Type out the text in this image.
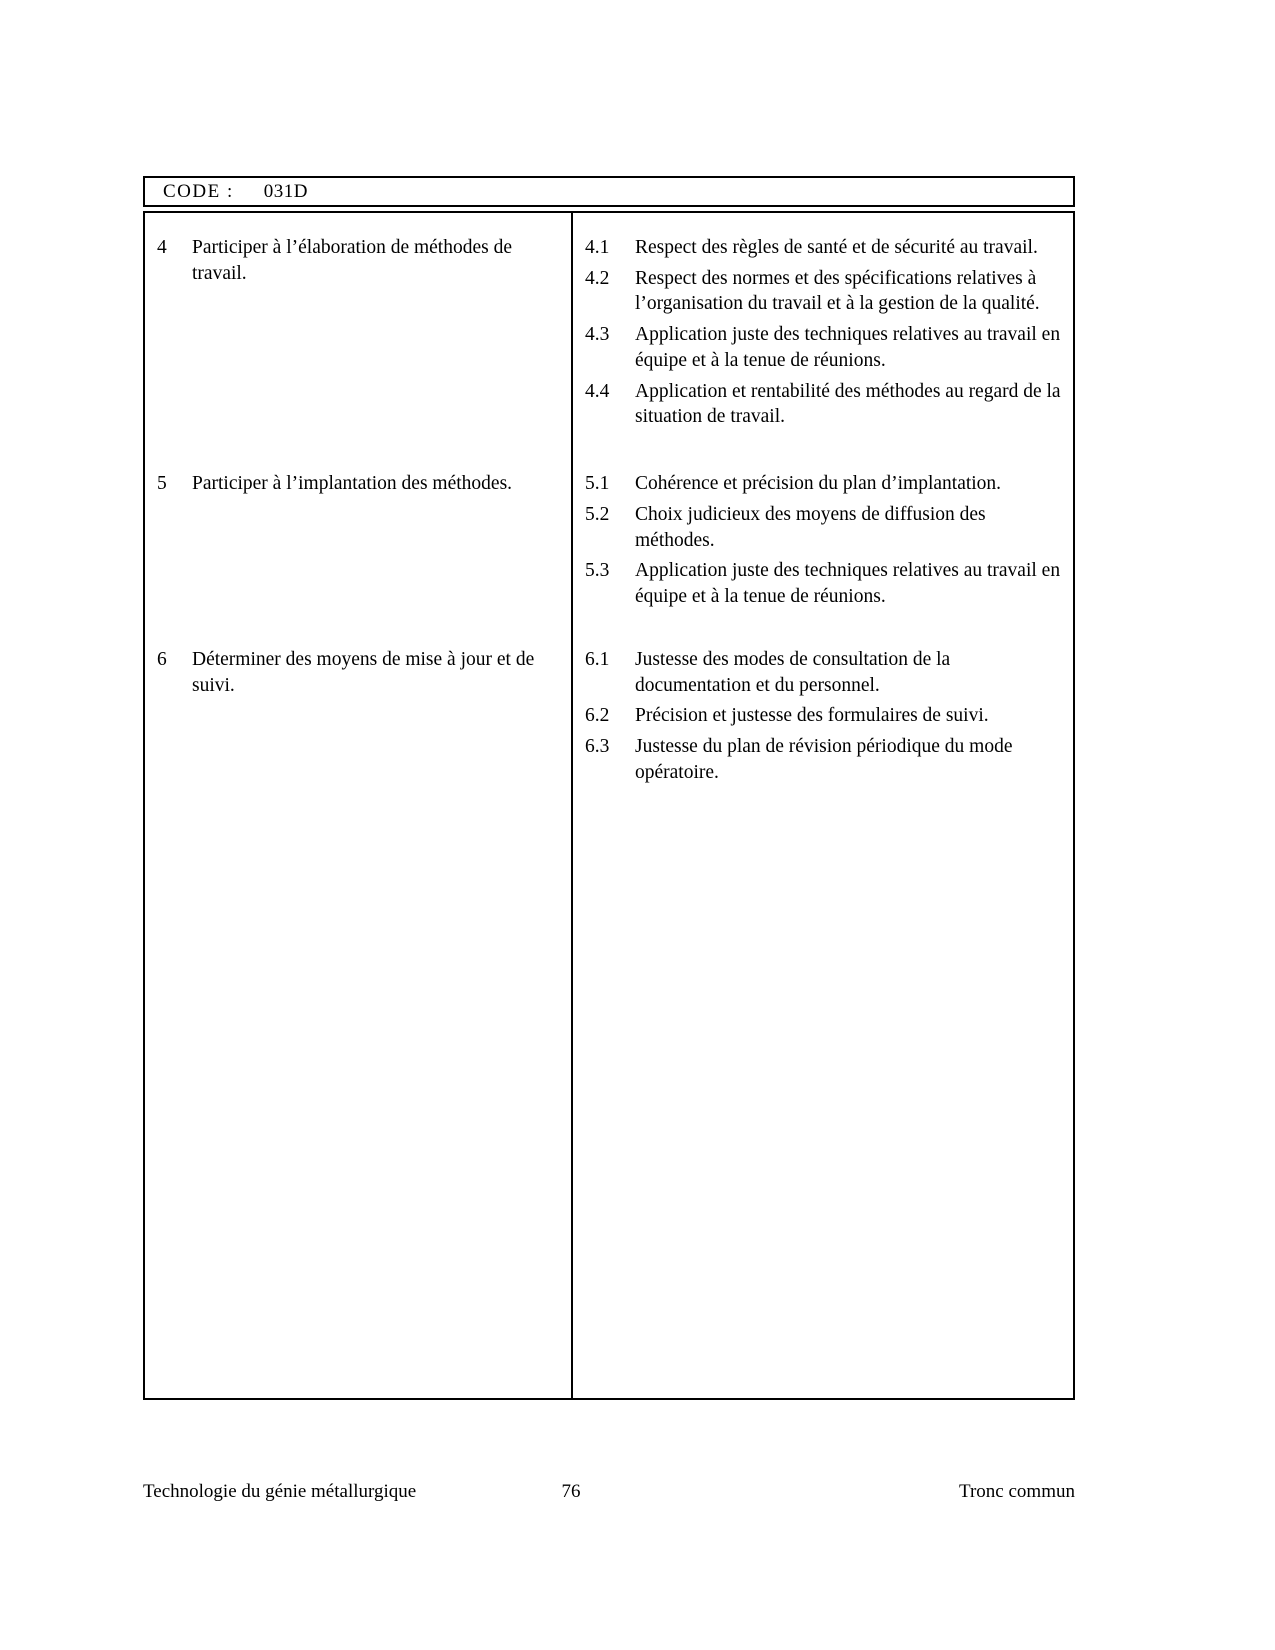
CODE : 031D
4	Participer à l’élaboration de méthodes de travail.
4.1	Respect des règles de santé et de sécurité au travail.
4.2	Respect des normes et des spécifications relatives à l’organisation du travail et à la gestion de la qualité.
4.3	Application juste des techniques relatives au travail en équipe et à la tenue de réunions.
4.4	Application et rentabilité des méthodes au regard de la situation de travail.
5	Participer à l’implantation des méthodes.	5.1	Cohérence et précision du plan d’implantation.
5.2	Choix judicieux des moyens de diffusion des méthodes.
5.3	Application juste des techniques relatives au travail en équipe et à la tenue de réunions.
6	Déterminer des moyens de mise à jour et de suivi.
6.1	Justesse des modes de consultation de la documentation et du personnel.
6.2	Précision et justesse des formulaires de suivi.
6.3	Justesse du plan de révision périodique du mode opératoire.
Technologie du génie métallurgique	76	Tronc commun
